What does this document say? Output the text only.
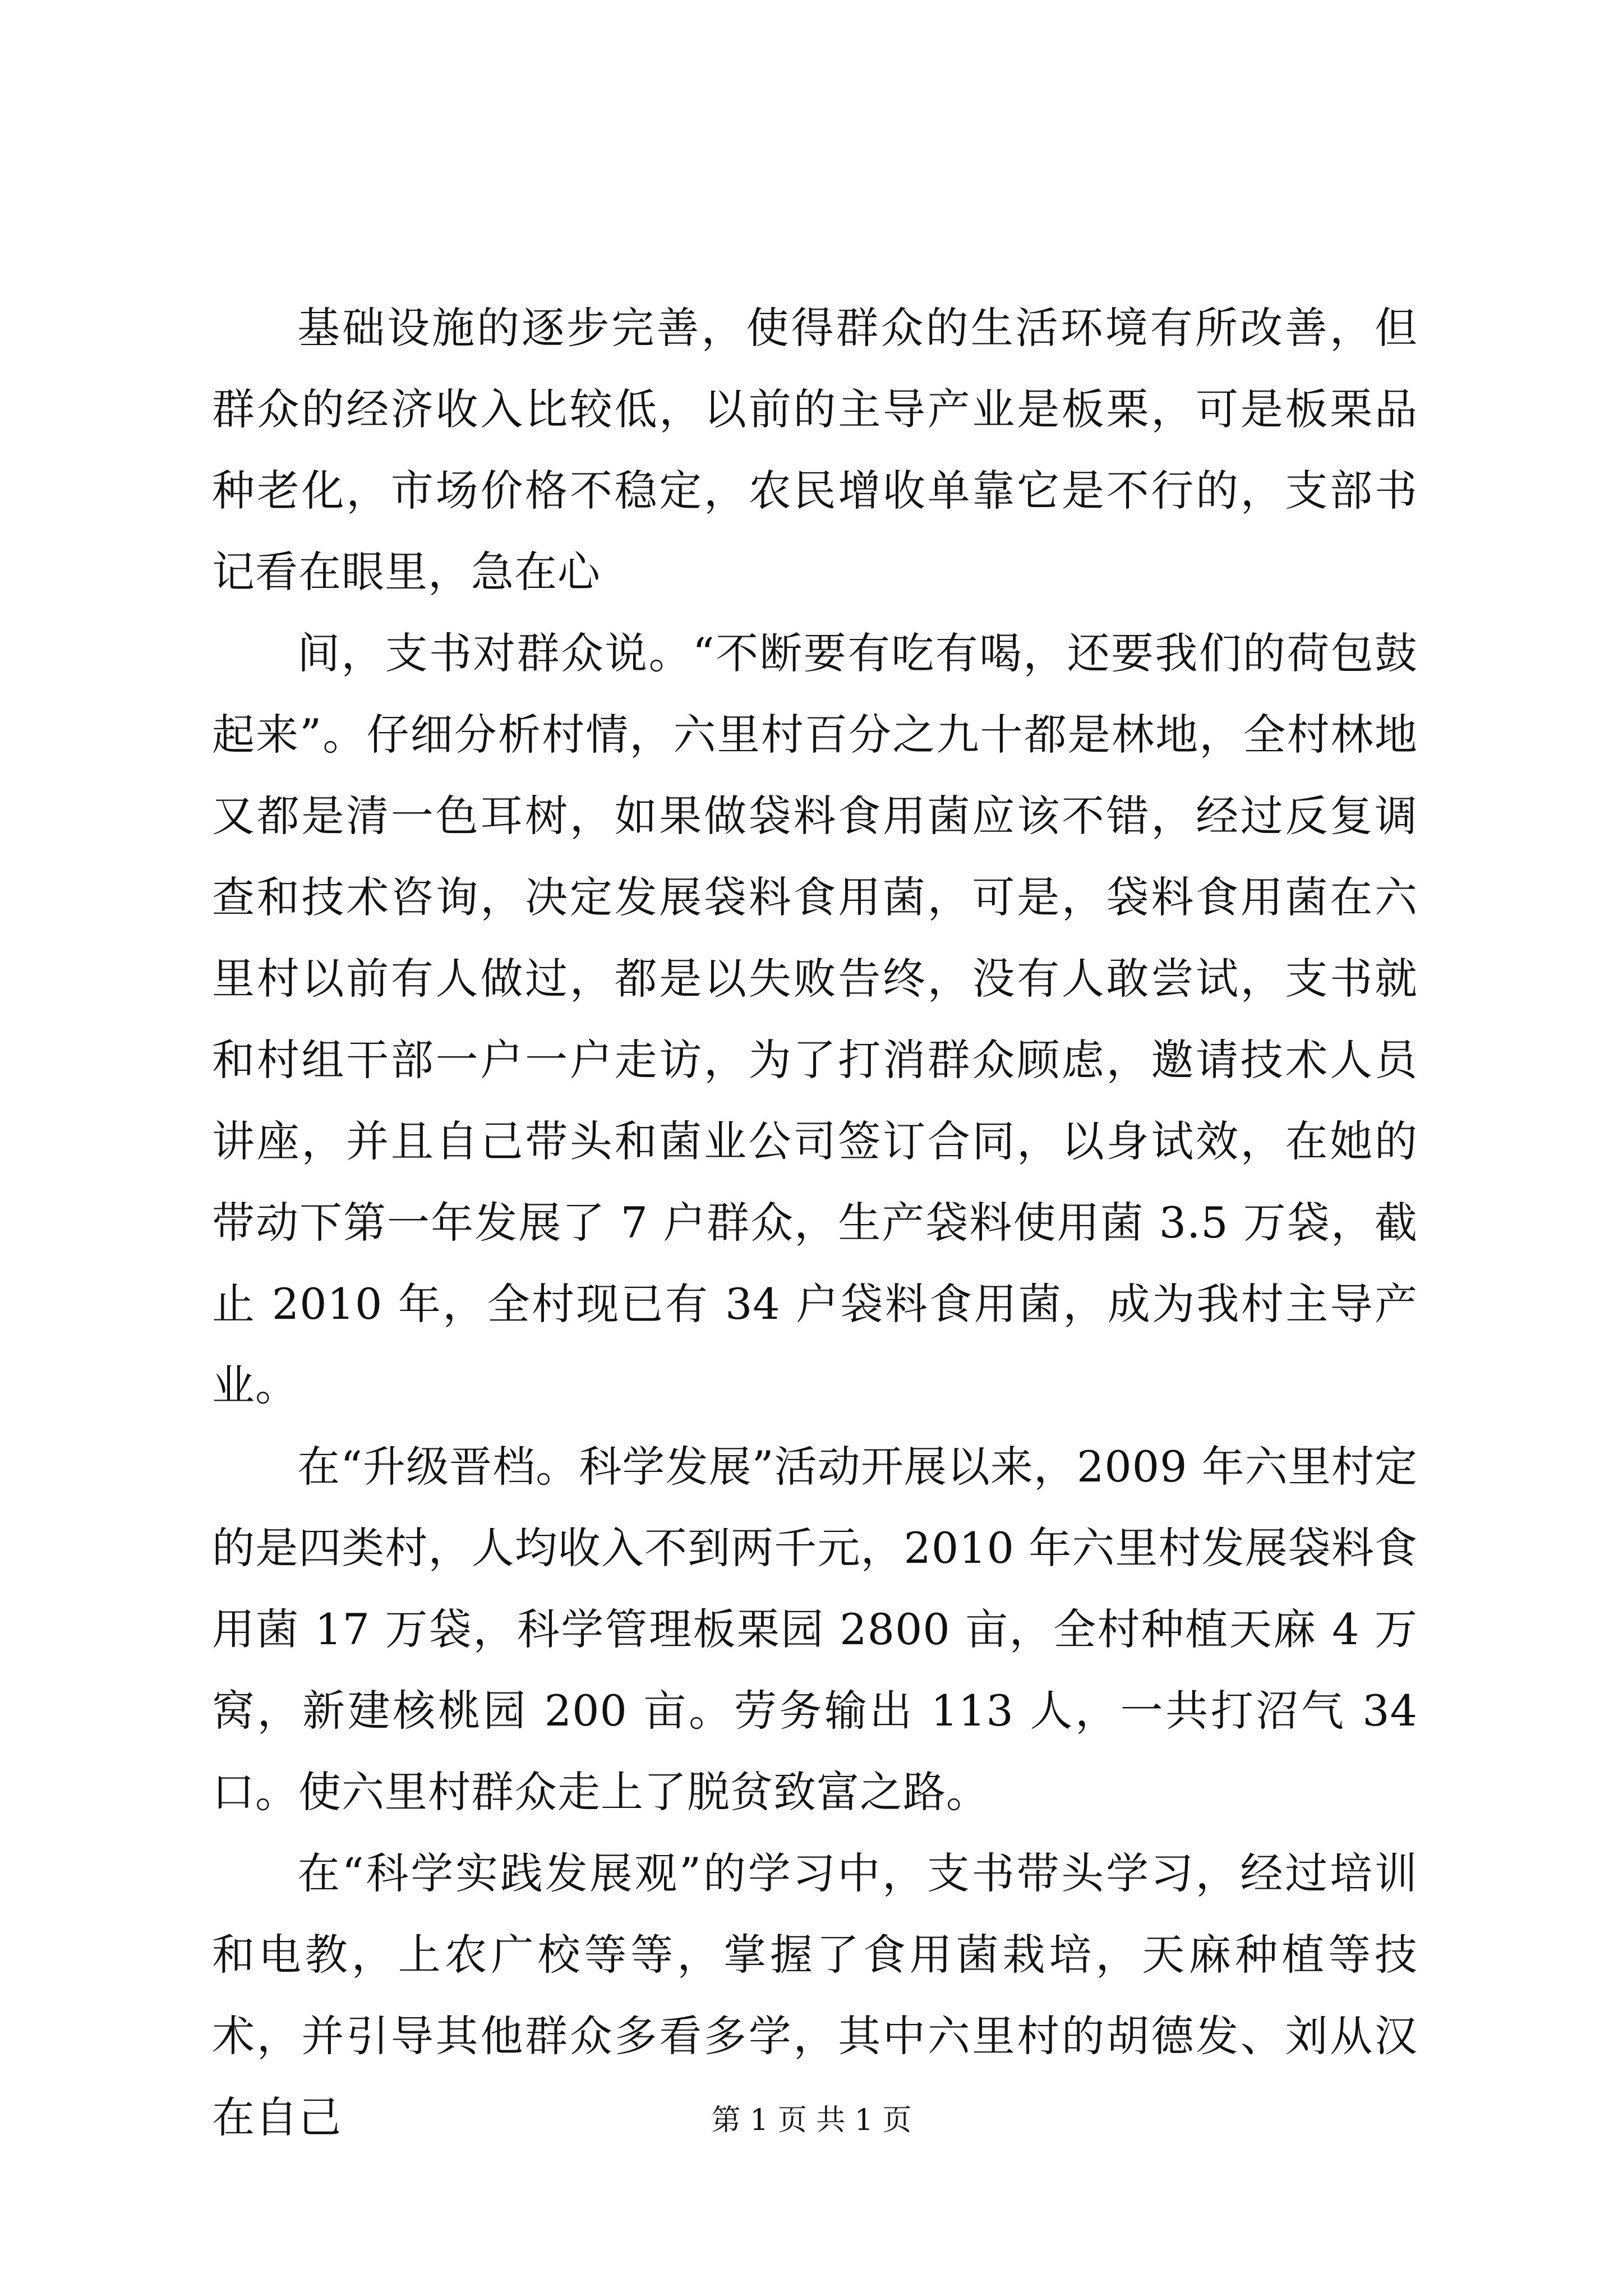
基础设施的逐步完善，使得群众的生活环境有所改善，但群众的经济收入比较低，以前的主导产业是板栗，可是板栗品种老化，市场价格不稳定，农民增收单靠它是不行的，支部书记看在眼里，急在心

间，支书对群众说。“不断要有吃有喝，还要我们的荷包鼓起来”。仔细分析村情，六里村百分之九十都是林地，全村林地又都是清一色耳树，如果做袋料食用菌应该不错，经过反复调查和技术咨询，决定发展袋料食用菌，可是，袋料食用菌在六里村以前有人做过，都是以失败告终，没有人敢尝试，支书就和村组干部一户一户走访，为了打消群众顾虑，邀请技术人员讲座，并且自己带头和菌业公司签订合同，以身试效，在她的带动下第一年发展了 7 户群众，生产袋料使用菌 3.5 万袋，截止 2010 年，全村现已有 34 户袋料食用菌，成为我村主导产业。

在“升级晋档。科学发展”活动开展以来，2009 年六里村定的是四类村，人均收入不到两千元，2010 年六里村发展袋料食用菌 17 万袋，科学管理板栗园 2800 亩，全村种植天麻 4 万窝，新建核桃园 200 亩。劳务输出 113 人，一共打沼气 34 口。使六里村群众走上了脱贫致富之路。

在“科学实践发展观”的学习中，支书带头学习，经过培训和电教，上农广校等等，掌握了食用菌栽培，天麻种植等技术，并引导其他群众多看多学，其中六里村的胡德发、刘从汉在自己	第 1 页 共 1 页
